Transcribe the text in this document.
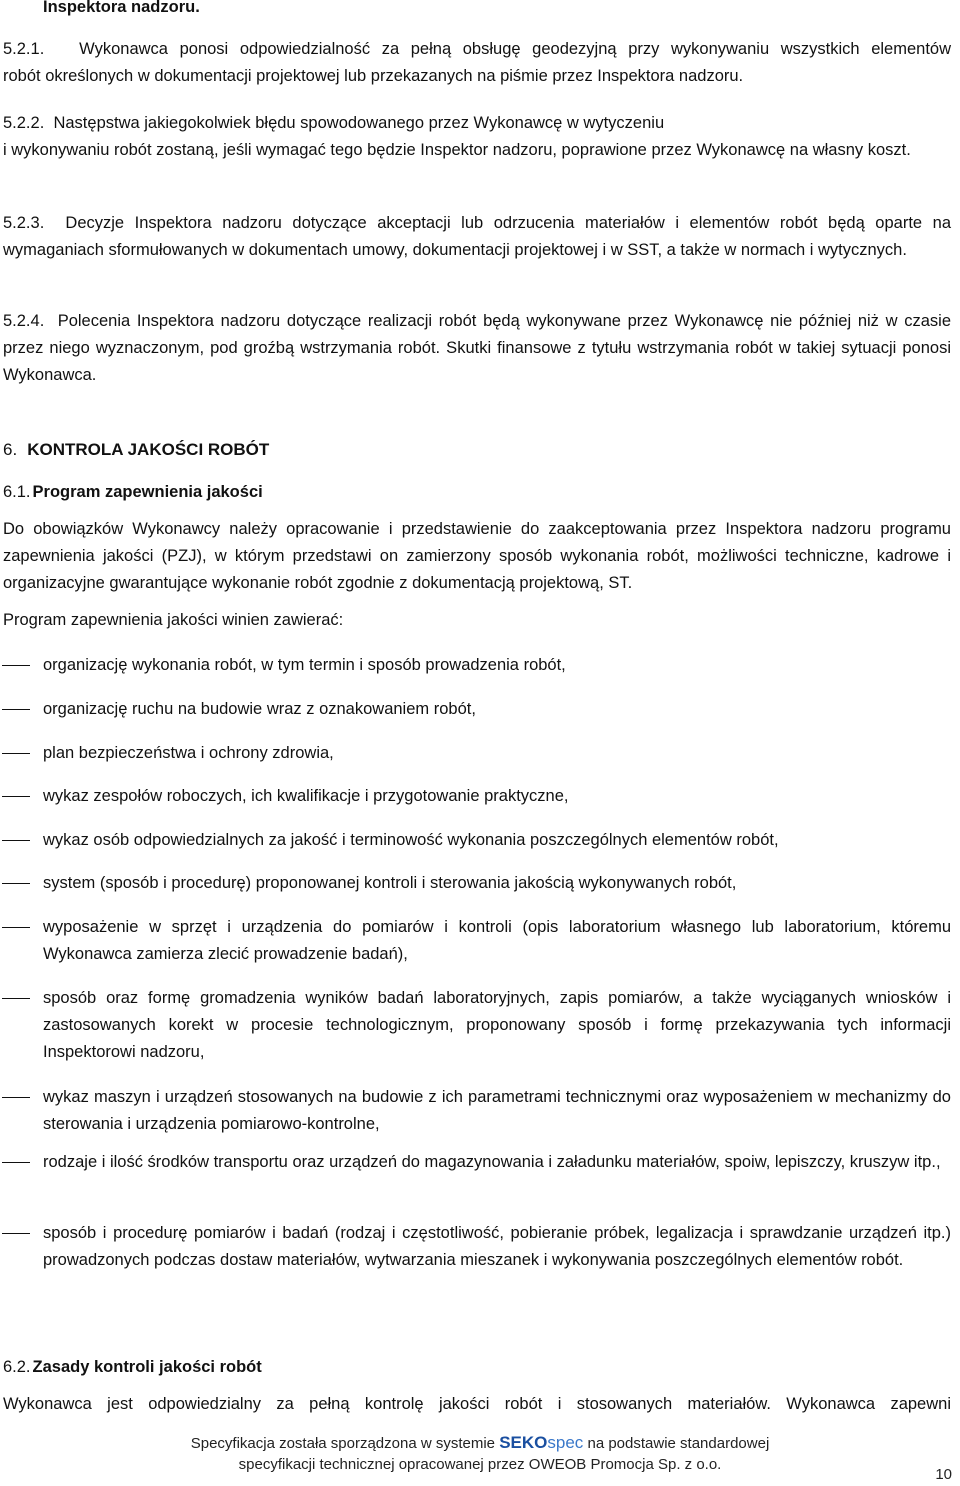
Inspektora nadzoru.
5.2.1. Wykonawca ponosi odpowiedzialność za pełną obsługę geodezyjną przy wykonywaniu wszystkich elementów
robót określonych w dokumentacji projektowej lub przekazanych na piśmie przez Inspektora nadzoru.
5.2.2. Następstwa jakiegokolwiek błędu spowodowanego przez Wykonawcę w wytyczeniu
i wykonywaniu robót zostaną, jeśli wymagać tego będzie Inspektor nadzoru, poprawione przez Wykonawcę na własny koszt.
5.2.3. Decyzje Inspektora nadzoru dotyczące akceptacji lub odrzucenia materiałów i elementów robót będą oparte na wymaganiach sformułowanych w dokumentach umowy, dokumentacji projektowej i w SST, a także w normach i wytycznych.
5.2.4. Polecenia Inspektora nadzoru dotyczące realizacji robót będą wykonywane przez Wykonawcę nie później niż w czasie przez niego wyznaczonym, pod groźbą wstrzymania robót. Skutki finansowe z tytułu wstrzymania robót w takiej sytuacji ponosi Wykonawca.
6. KONTROLA JAKOŚCI ROBÓT
6.1. Program zapewnienia jakości
Do obowiązków Wykonawcy należy opracowanie i przedstawienie do zaakceptowania przez Inspektora nadzoru programu zapewnienia jakości (PZJ), w którym przedstawi on zamierzony sposób wykonania robót, możliwości techniczne, kadrowe i organizacyjne gwarantujące wykonanie robót zgodnie z dokumentacją projektową, ST.
Program zapewnienia jakości winien zawierać:
organizację wykonania robót, w tym termin i sposób prowadzenia robót,
organizację ruchu na budowie wraz z oznakowaniem robót,
plan bezpieczeństwa i ochrony zdrowia,
wykaz zespołów roboczych, ich kwalifikacje i przygotowanie praktyczne,
wykaz osób odpowiedzialnych za jakość i terminowość wykonania poszczególnych elementów robót,
system (sposób i procedurę) proponowanej kontroli i sterowania jakością wykonywanych robót,
wyposażenie w sprzęt i urządzenia do pomiarów i kontroli (opis laboratorium własnego lub laboratorium, któremu Wykonawca zamierza zlecić prowadzenie badań),
sposób oraz formę gromadzenia wyników badań laboratoryjnych, zapis pomiarów, a także wyciąganych wniosków i zastosowanych korekt w procesie technologicznym, proponowany sposób i formę przekazywania tych informacji Inspektorowi nadzoru,
wykaz maszyn i urządzeń stosowanych na budowie z ich parametrami technicznymi oraz wyposażeniem w mechanizmy do sterowania i urządzenia pomiarowo-kontrolne,
rodzaje i ilość środków transportu oraz urządzeń do magazynowania i załadunku materiałów, spoiw, lepiszczy, kruszyw itp.,
sposób i procedurę pomiarów i badań (rodzaj i częstotliwość, pobieranie próbek, legalizacja i sprawdzanie urządzeń itp.) prowadzonych podczas dostaw materiałów, wytwarzania mieszanek i wykonywania poszczególnych elementów robót.
6.2. Zasady kontroli jakości robót
Wykonawca jest odpowiedzialny za pełną kontrolę jakości robót i stosowanych materiałów. Wykonawca zapewni
Specyfikacja została sporządzona w systemie SEKOspec na podstawie standardowej
specyfikacji technicznej opracowanej przez OWEOB Promocja Sp. z o.o.
10
